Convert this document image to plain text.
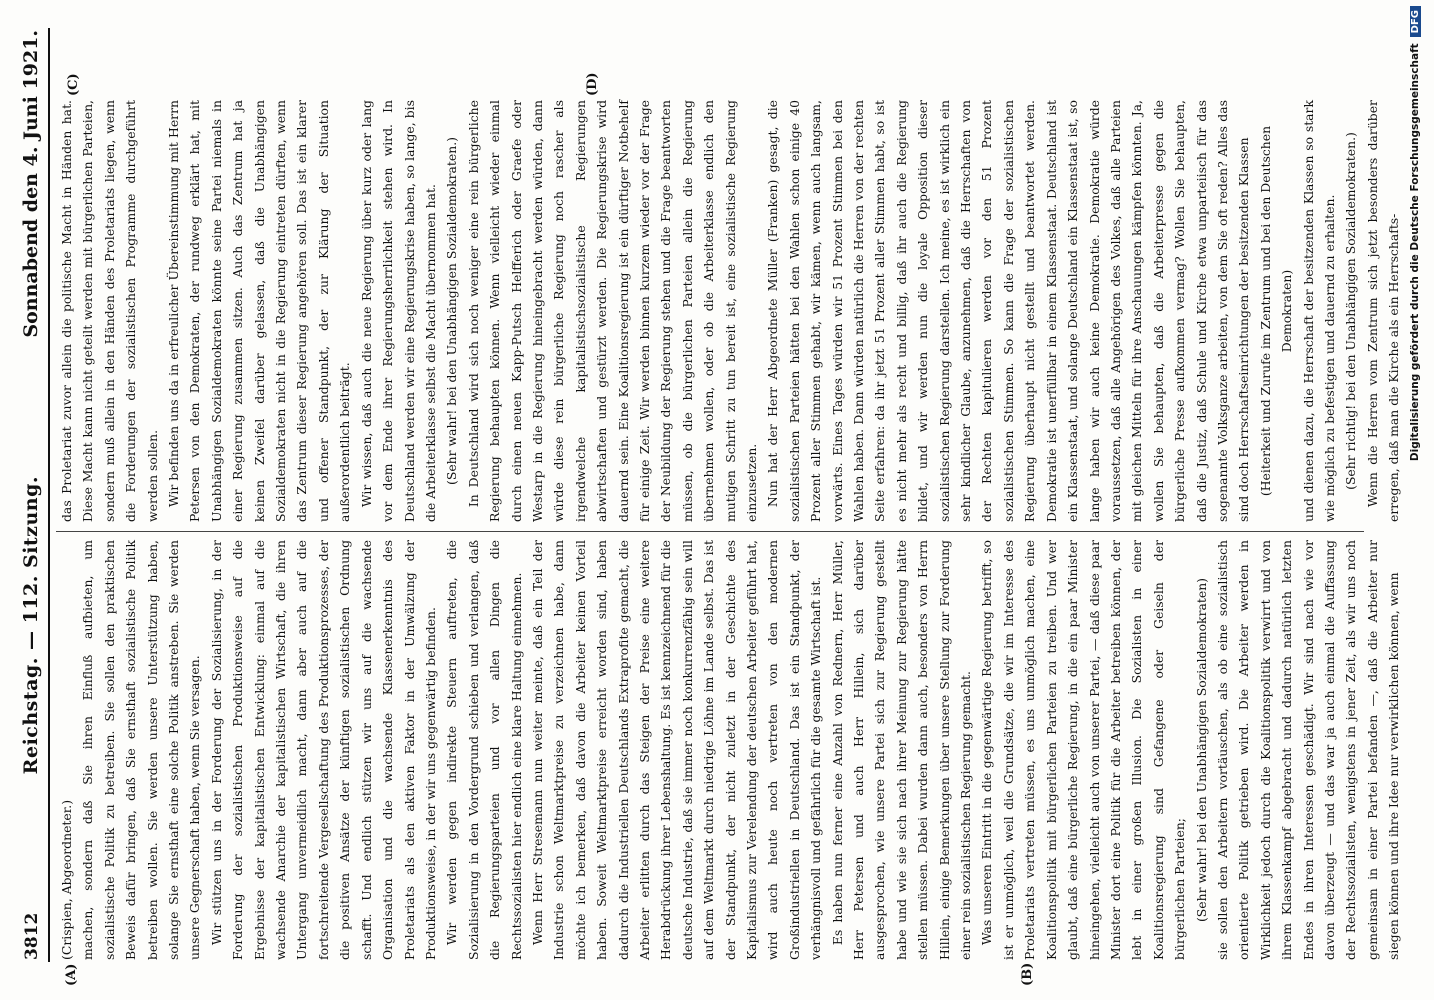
3812
Reichstag. — 112. Sitzung.
Sonnabend den 4. Juni 1921.
(A)	(B)
(C)	(D)

(Crispien, Abgeordneter.) machen, sondern daß Sie ihren Einfluß aufbieten, um sozialistische Politik zu betreiben. Sie sollen den praktischen Beweis dafür bringen, daß Sie ernsthaft sozialistische Politik betreiben wollen. Sie werden unsere Unterstützung haben, solange Sie ernsthaft eine solche Politik anstreben. Sie werden unsere Gegnerschaft haben, wenn Sie versagen. Wir stützen uns in der Forderung der Sozialisierung, in der Forderung der sozialistischen Produktionsweise auf die Ergebnisse der kapitalistischen Entwicklung: einmal auf die wachsende Anarchie der kapitalistischen Wirtschaft, die ihren Untergang unvermeidlich macht, dann aber auch auf die fortschreitende Vergesellschaftung des Produktionsprozesses, der die positiven Ansätze der künftigen sozialistischen Ordnung schafft. Und endlich stützen wir uns auf die wachsende Organisation und die wachsende Klassenerkenntnis des Proletariats als den aktiven Faktor in der Umwälzung der Produktionsweise, in der wir uns gegenwärtig befinden. Wir werden gegen indirekte Steuern auftreten, die Sozialisierung in den Vordergrund schieben und verlangen, daß die Regierungsparteien und vor allen Dingen die Rechtssozialisten hier endlich eine klare Haltung einnehmen. Wenn Herr Stresemann nun weiter meinte, daß ein Teil der Industrie schon Weltmarktpreise zu verzeichnen habe, dann möchte ich bemerken, daß davon die Arbeiter keinen Vorteil haben. Soweit Weltmarktpreise erreicht worden sind, haben dadurch die Industriellen Deutschlands Extraprofite gemacht, die Arbeiter erlitten durch das Steigen der Preise eine weitere Herabdrückung ihrer Lebenshaltung. Es ist kennzeichnend für die deutsche Industrie, daß sie immer noch konkurrenzfähig sein will auf dem Weltmarkt durch niedrige Löhne im Lande selbst. Das ist der Standpunkt, der nicht zuletzt in der Geschichte des Kapitalismus zur Verelendung der deutschen Arbeiter geführt hat, wird auch heute noch vertreten von den modernen Großindustriellen in Deutschland. Das ist ein Standpunkt, der verhängnisvoll und gefährlich für die gesamte Wirtschaft ist. Es haben nun ferner eine Anzahl von Rednern, Herr Müller, Herr Petersen und auch Herr Hillein, sich darüber ausgesprochen, wie unsere Partei sich zur Regierung gestellt habe und wie sie sich nach ihrer Meinung zur Regierung hätte stellen müssen. Dabei wurden dann auch, besonders von Herrn Hillein, einige Bemerkungen über unsere Stellung zur Forderung einer rein sozialistischen Regierung gemacht. Was unseren Eintritt in die gegenwärtige Regierung betrifft, so ist er unmöglich, weil die Grundsätze, die wir im Interesse des Proletariats vertreten müssen, es uns unmöglich machen, eine Koalitionspolitik mit bürgerlichen Parteien zu treiben. Und wer glaubt, daß eine bürgerliche Regierung, in die ein paar Minister hineingehen, vielleicht auch von unserer Partei, — daß diese paar Minister dort eine Politik für die Arbeiter betreiben können, der lebt in einer großen Illusion. Die Sozialisten in einer Koalitionsregierung sind Gefangene oder Geiseln der bürgerlichen Parteien; (Sehr wahr! bei den Unabhängigen Sozialdemokraten) sie sollen den Arbeitern vortäuschen, als ob eine sozialistisch orientierte Politik getrieben wird. Die Arbeiter werden in Wirklichkeit jedoch durch die Koalitionspolitik verwirrt und von ihrem Klassenkampf abgebracht und dadurch natürlich letzten Endes in ihren Interessen geschädigt. Wir sind nach wie vor davon überzeugt — und das war ja auch einmal die Auffassung der Rechtssozialisten, wenigstens in jener Zeit, als wir uns noch gemeinsam in einer Partei befanden —, daß die Arbeiter nur siegen können und ihre Idee nur verwirklichen können, wenn

das Proletariat zuvor allein die politische Macht in Händen hat. Diese Macht kann nicht geteilt werden mit bürgerlichen Parteien, sondern muß allein in den Händen des Proletariats liegen, wenn die Forderungen der sozialistischen Programme durchgeführt werden sollen. Wir befinden uns da in erfreulicher Übereinstimmung mit Herrn Petersen von den Demokraten, der rundweg erklärt hat, mit Unabhängigen Sozialdemokraten könnte seine Partei niemals in einer Regierung zusammen sitzen. Auch das Zentrum hat ja keinen Zweifel darüber gelassen, daß die Unabhängigen Sozialdemokraten nicht in die Regierung eintreten dürften, wenn das Zentrum dieser Regierung angehören soll. Das ist ein klarer und offener Standpunkt, der zur Klärung der Situation außerordentlich beiträgt. Wir wissen, daß auch die neue Regierung über kurz oder lang vor dem Ende ihrer Regierungsherrlichkeit stehen wird. In Deutschland werden wir eine Regierungskrise haben, so lange, bis die Arbeiterklasse selbst die Macht übernommen hat. (Sehr wahr! bei den Unabhängigen Sozialdemokraten.) In Deutschland wird sich noch weniger eine rein bürgerliche Regierung behaupten können. Wenn vielleicht wieder einmal durch einen neuen Kapp-Putsch Helfferich oder Graefe oder Westarp in die Regierung hineingebracht werden würden, dann würde diese rein bürgerliche Regierung noch rascher als irgendwelche kapitalistischsozialistische Regierungen abwirtschaften und gestürzt werden. Die Regierungskrise wird dauernd sein. Eine Koalitionsregierung ist ein dürftiger Notbehelf für einige Zeit. Wir werden binnen kurzem wieder vor der Frage der Neubildung der Regierung stehen und die Frage beantworten müssen, ob die bürgerlichen Parteien allein die Regierung übernehmen wollen, oder ob die Arbeiterklasse endlich den mutigen Schritt zu tun bereit ist, eine sozialistische Regierung einzusetzen. Nun hat der Herr Abgeordnete Müller (Franken) gesagt, die sozialistischen Parteien hätten bei den Wahlen schon einige 40 Prozent aller Stimmen gehabt, wir kämen, wenn auch langsam, vorwärts. Eines Tages würden wir 51 Prozent Stimmen bei den Wahlen haben. Dann würden natürlich die Herren von der rechten Seite erfahren: da ihr jetzt 51 Prozent aller Stimmen habt, so ist es nicht mehr als recht und billig, daß ihr auch die Regierung bildet, und wir werden nun die loyale Opposition dieser sozialistischen Regierung darstellen. Ich meine, es ist wirklich ein sehr kindlicher Glaube, anzunehmen, daß die Herrschaften von der Rechten kapitulieren werden vor den 51 Prozent sozialistischen Stimmen. So kann die Frage der sozialistischen Regierung überhaupt nicht gestellt und beantwortet werden. Demokratie ist unerfüllbar in einem Klassenstaat. Deutschland ist ein Klassenstaat, und solange Deutschland ein Klassenstaat ist, so lange haben wir auch keine Demokratie. Demokratie würde voraussetzen, daß alle Angehörigen des Volkes, daß alle Parteien mit gleichen Mitteln für ihre Anschauungen kämpfen könnten. Ja, wollen Sie behaupten, daß die Arbeiterpresse gegen die bürgerliche Presse aufkommen vermag? Wollen Sie behaupten, daß die Justiz, daß Schule und Kirche etwa unparteiisch für das sogenannte Volksganze arbeiten, von dem Sie oft reden? Alles das sind doch Herrschaftseinrichtungen der besitzenden Klassen (Heiterkeit und Zurufe im Zentrum und bei den Deutschen Demokraten) und dienen dazu, die Herrschaft der besitzenden Klassen so stark wie möglich zu befestigen und dauernd zu erhalten. (Sehr richtig! bei den Unabhängigen Sozialdemokraten.) Wenn die Herren vom Zentrum sich jetzt besonders darüber erregen, daß man die Kirche als ein Herrschafts- Digitalisierung gefördert durch die Deutsche Forschungsgemeinschaft
DFG
